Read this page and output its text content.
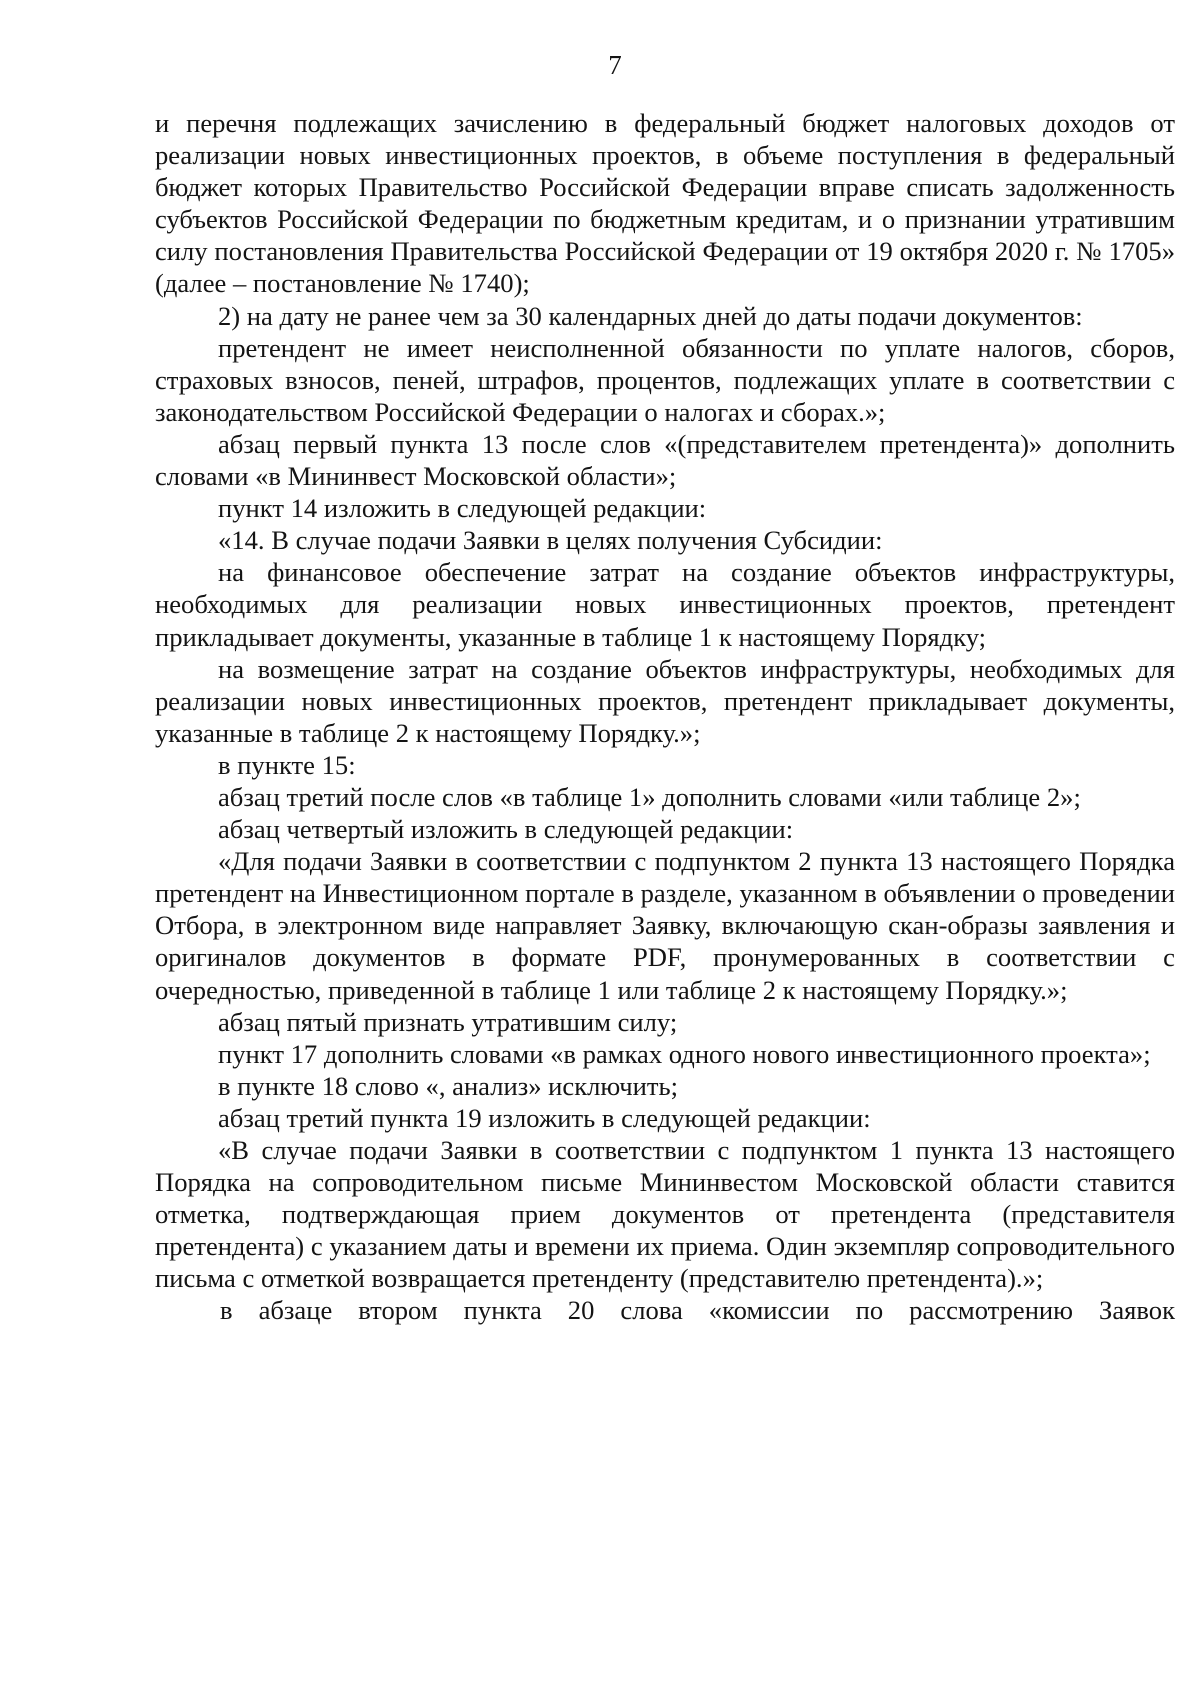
7

и перечня подлежащих зачислению в федеральный бюджет налоговых доходов от реализации новых инвестиционных проектов, в объеме поступления в федеральный бюджет которых Правительство Российской Федерации вправе списать задолженность субъектов Российской Федерации по бюджетным кредитам, и о признании утратившим силу постановления Правительства Российской Федерации от 19 октября 2020 г. № 1705» (далее – постановление № 1740);

2) на дату не ранее чем за 30 календарных дней до даты подачи документов:

претендент не имеет неисполненной обязанности по уплате налогов, сборов, страховых взносов, пеней, штрафов, процентов, подлежащих уплате в соответствии с законодательством Российской Федерации о налогах и сборах.»;

абзац первый пункта 13 после слов «(представителем претендента)» дополнить словами «в Мининвест Московской области»;

пункт 14 изложить в следующей редакции:

«14. В случае подачи Заявки в целях получения Субсидии:

на финансовое обеспечение затрат на создание объектов инфраструктуры, необходимых для реализации новых инвестиционных проектов, претендент прикладывает документы, указанные в таблице 1 к настоящему Порядку;

на возмещение затрат на создание объектов инфраструктуры, необходимых для реализации новых инвестиционных проектов, претендент прикладывает документы, указанные в таблице 2 к настоящему Порядку.»;

в пункте 15:

абзац третий после слов «в таблице 1» дополнить словами «или таблице 2»;

абзац четвертый изложить в следующей редакции:

«Для подачи Заявки в соответствии с подпунктом 2 пункта 13 настоящего Порядка претендент на Инвестиционном портале в разделе, указанном в объявлении о проведении Отбора, в электронном виде направляет Заявку, включающую скан-образы заявления и оригиналов документов в формате PDF, пронумерованных в соответствии с очередностью, приведенной в таблице 1 или таблице 2 к настоящему Порядку.»;

абзац пятый признать утратившим силу;

пункт 17 дополнить словами «в рамках одного нового инвестиционного проекта»;

в пункте 18 слово «, анализ» исключить;

абзац третий пункта 19 изложить в следующей редакции:

«В случае подачи Заявки в соответствии с подпунктом 1 пункта 13 настоящего Порядка на сопроводительном письме Мининвестом Московской области ставится отметка, подтверждающая прием документов от претендента (представителя претендента) с указанием даты и времени их приема. Один экземпляр сопроводительного письма с отметкой возвращается претенденту (представителю претендента).»;

в абзаце втором пункта 20 слова «комиссии по рассмотрению Заявок
